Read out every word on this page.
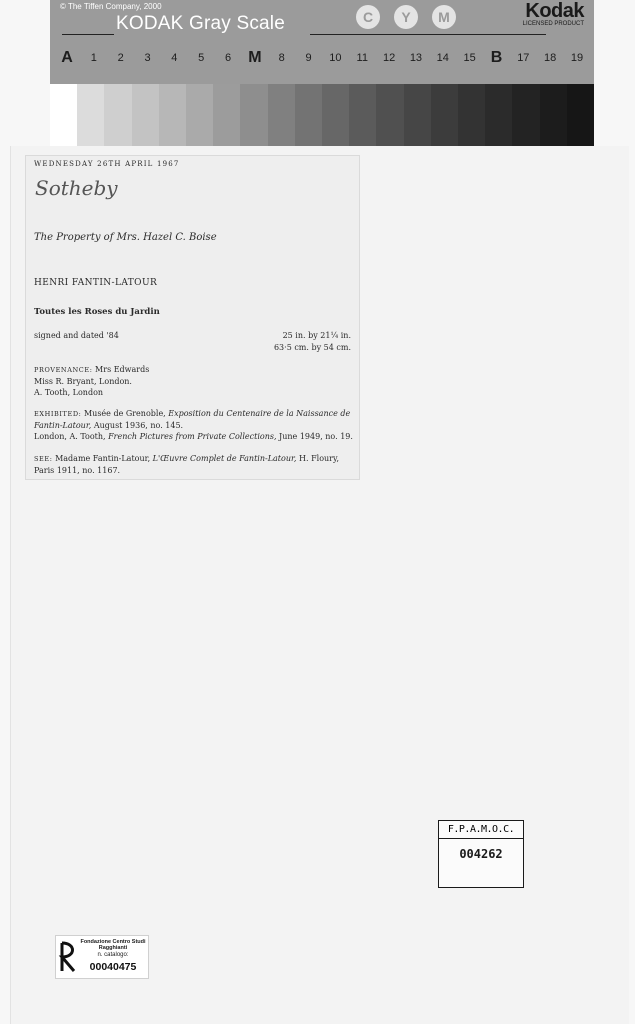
© The Tiffen Company, 2000
KODAK Gray Scale	C	Y	M	Kodak
LICENSED PRODUCT
A 1 2 3 4 5 6 M 8 9 10 11 12 13 14 15 B 17 18 19
WEDNESDAY 26TH APRIL 1967
Sotheby
The Property of Mrs. Hazel C. Boise
HENRI FANTIN-LATOUR
Toutes les Roses du Jardin
signed and dated '84	25 in. by 21¼ in.
63·5 cm. by 54 cm.
PROVENANCE: Mrs Edwards
Miss R. Bryant, London.
A. Tooth, London
EXHIBITED: Musée de Grenoble, Exposition du Centenaire de la Naissance de Fantin-Latour, August 1936, no. 145.
London, A. Tooth, French Pictures from Private Collections, June 1949, no. 19.
SEE: Madame Fantin-Latour, L'Œuvre Complet de Fantin-Latour, H. Floury, Paris 1911, no. 1167.
F.P.A.M.O.C.
004262
Fondazione Centro Studi Ragghianti
n. catalogo:
00040475
